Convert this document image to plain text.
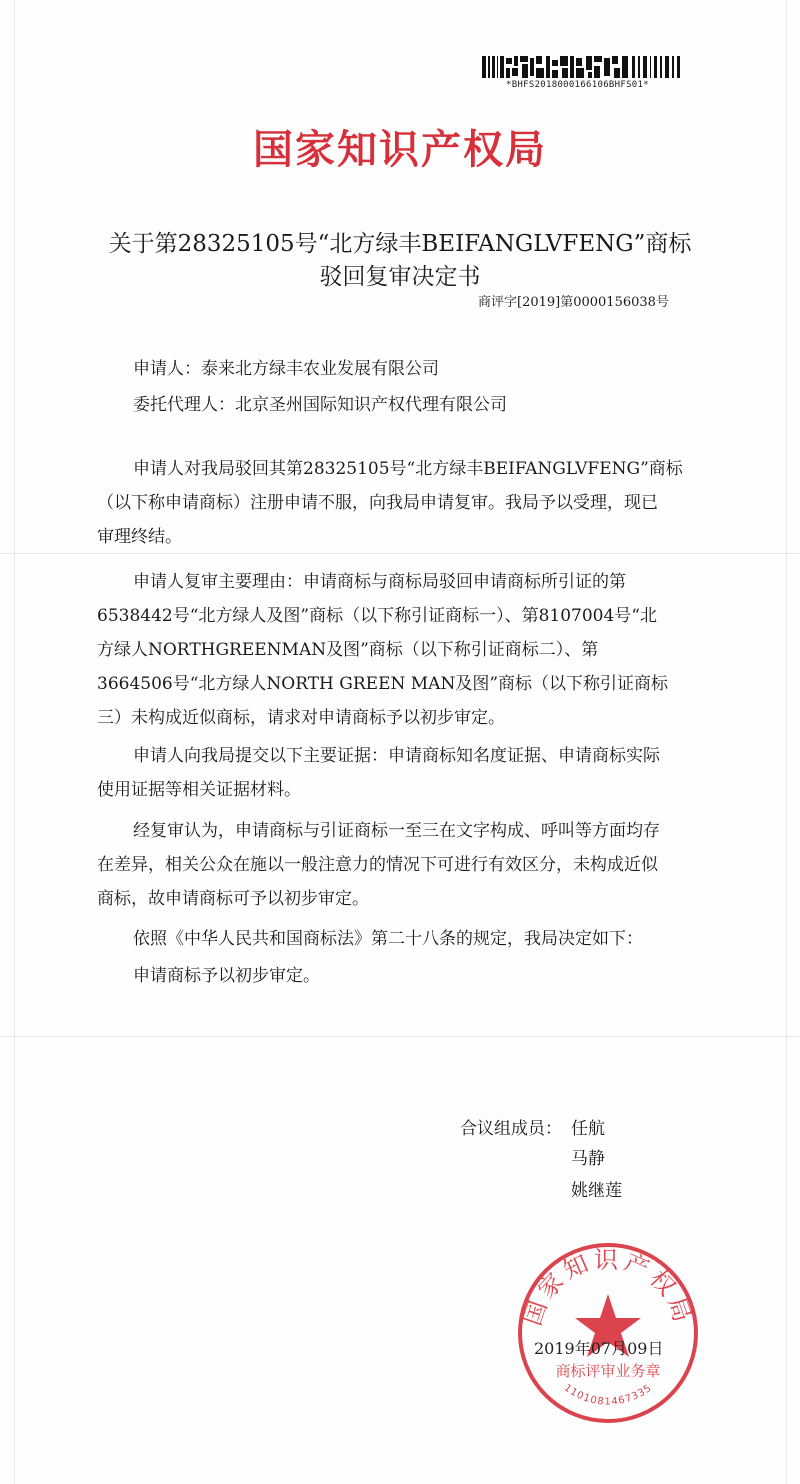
*BHFS2018000166106BHFS01*
国家知识产权局
关于第28325105号“北方绿丰BEIFANGLVFENG”商标
驳回复审决定书
商评字[2019]第0000156038号
申请人：泰来北方绿丰农业发展有限公司
委托代理人：北京圣州国际知识产权代理有限公司
申请人对我局驳回其第28325105号“北方绿丰BEIFANGLVFENG”商标
（以下称申请商标）注册申请不服，向我局申请复审。我局予以受理，现已
审理终结。
申请人复审主要理由：申请商标与商标局驳回申请商标所引证的第
6538442号“北方绿人及图”商标（以下称引证商标一）、第8107004号“北
方绿人NORTHGREENMAN及图”商标（以下称引证商标二）、第
3664506号“北方绿人NORTH GREEN MAN及图”商标（以下称引证商标
三）未构成近似商标，请求对申请商标予以初步审定。
申请人向我局提交以下主要证据：申请商标知名度证据、申请商标实际
使用证据等相关证据材料。
经复审认为，申请商标与引证商标一至三在文字构成、呼叫等方面均存
在差异，相关公众在施以一般注意力的情况下可进行有效区分，未构成近似
商标，故申请商标可予以初步审定。
依照《中华人民共和国商标法》第二十八条的规定，我局决定如下：
申请商标予以初步审定。
合议组成员： 任航
马静
姚继莲
国家知识产权局
商标评审业务章
1101081467335
2019年07月09日
